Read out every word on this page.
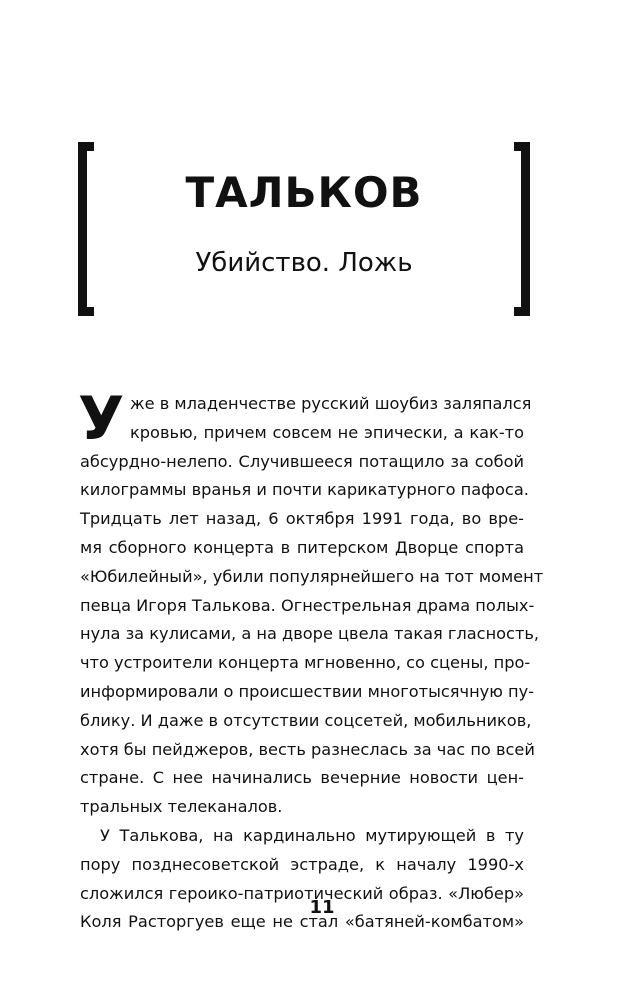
ТАЛЬКОВ
Убийство. Ложь
У же в младенчестве русский шоубиз заляпался
кровью, причем совсем не эпически, а как-то
абсурдно-нелепо. Случившееся потащило за собой
килограммы вранья и почти карикатурного пафоса.
Тридцать лет назад, 6 октября 1991 года, во вре-
мя сборного концерта в питерском Дворце спорта
«Юбилейный», убили популярнейшего на тот момент
певца Игоря Талькова. Огнестрельная драма полых-
нула за кулисами, а на дворе цвела такая гласность,
что устроители концерта мгновенно, со сцены, про-
информировали о происшествии многотысячную пу-
блику. И даже в отсутствии соцсетей, мобильников,
хотя бы пейджеров, весть разнеслась за час по всей
стране. С нее начинались вечерние новости цен-
тральных телеканалов.
У Талькова, на кардинально мутирующей в ту
пору позднесоветской эстраде, к началу 1990-х
сложился героико-патриотический образ. «Любер»
Коля Расторгуев еще не стал «батяней-комбатом»
11
